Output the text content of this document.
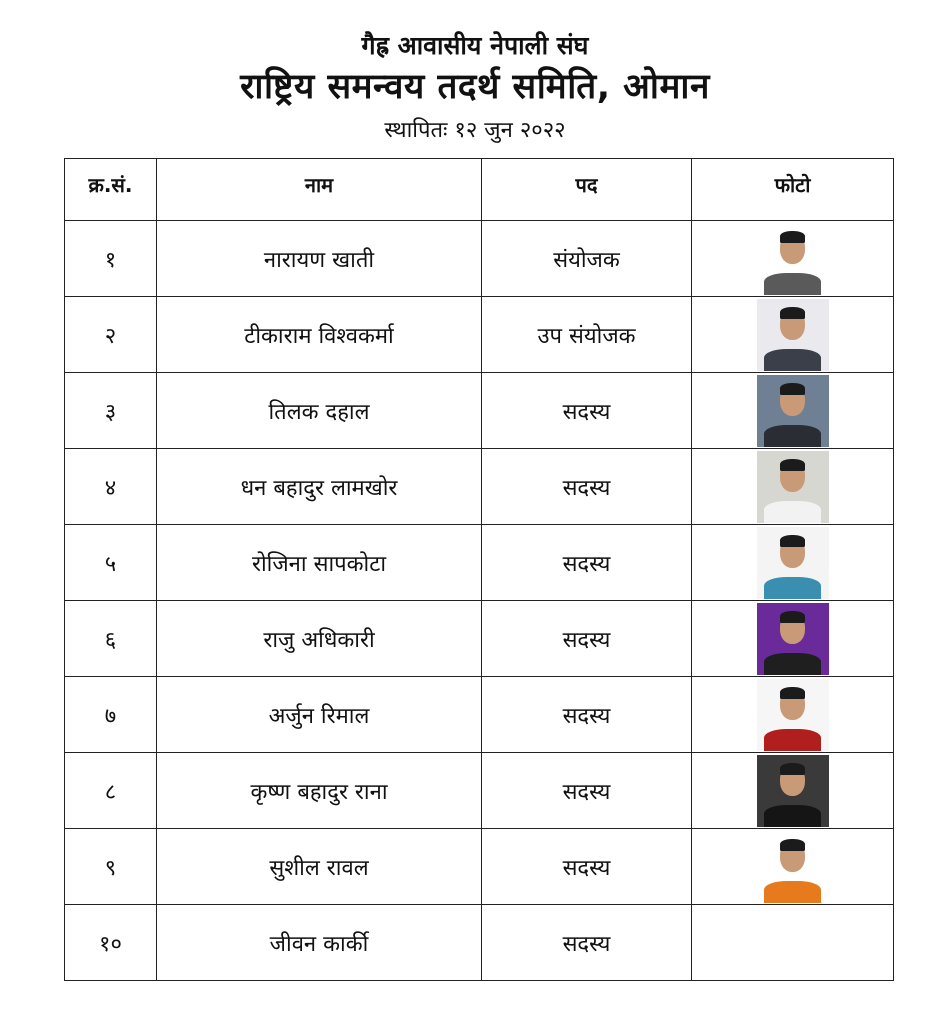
गैह्र आवासीय नेपाली संघ
राष्ट्रिय समन्वय तदर्थ समिति, ओमान
स्थापितः १२ जुन २०२२
क्र.सं.	नाम	पद	फोटो
१	नारायण खाती	संयोजक	

२	टीकाराम विश्वकर्मा	उप संयोजक	

३	तिलक दहाल	सदस्य	

४	धन बहादुर लामखोर	सदस्य	

५	रोजिना सापकोटा	सदस्य	

६	राजु अधिकारी	सदस्य	

७	अर्जुन रिमाल	सदस्य	

८	कृष्ण बहादुर राना	सदस्य	

९	सुशील रावल	सदस्य	

१०	जीवन कार्की	सदस्य	
